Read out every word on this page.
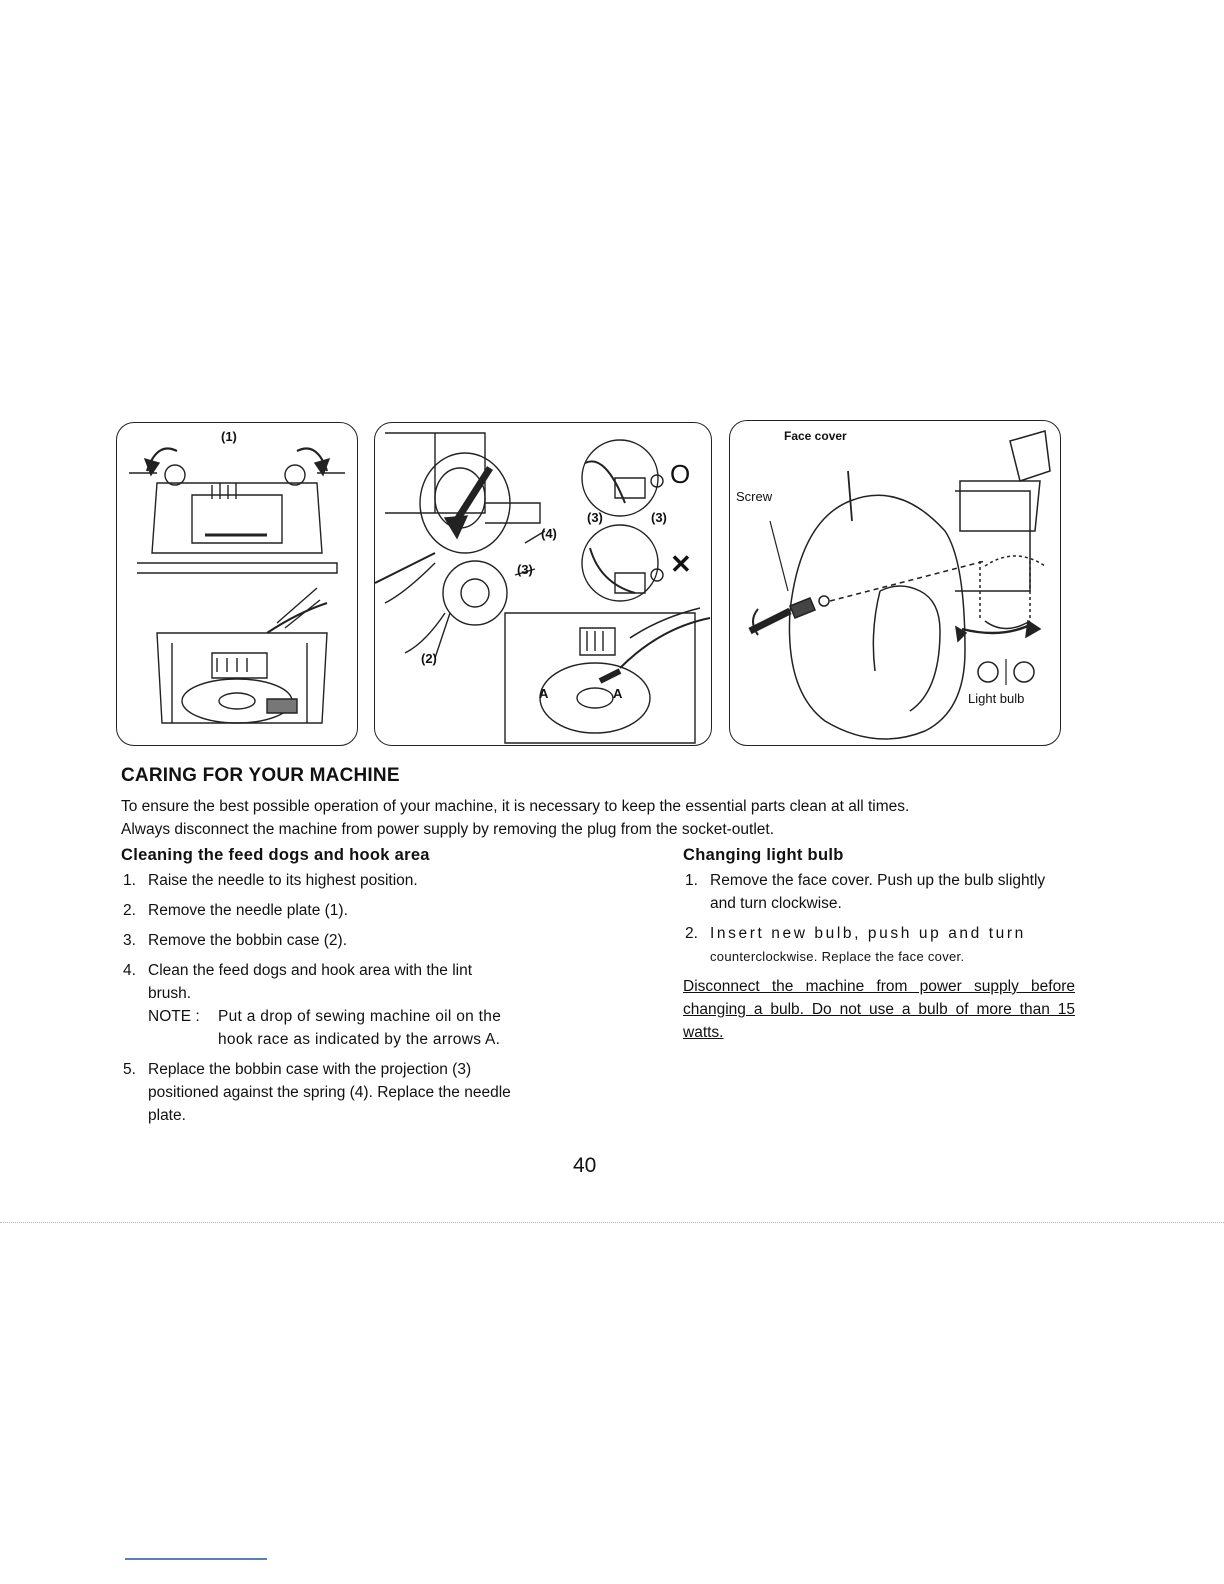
(1)
(4)
(3)
(3)	(3)
(2)
A	A
O
✕
Face cover
Screw
Light bulb
CARING FOR YOUR MACHINE
To ensure the best possible operation of your machine, it is necessary to keep the essential parts clean at all times.
Always disconnect the machine from power supply by removing the plug from the socket-outlet.
Cleaning the feed dogs and hook area
1. Raise the needle to its highest position.
2. Remove the needle plate (1).
3. Remove the bobbin case (2).
4. Clean the feed dogs and hook area with the lint brush.
NOTE :	Put a drop of sewing machine oil on the hook race as indicated by the arrows A.
5. Replace the bobbin case with the projection (3) positioned against the spring (4). Replace the needle plate.
Changing light bulb
1. Remove the face cover. Push up the bulb slightly and turn clockwise.
2. Insert new bulb, push up and turn
counterclockwise. Replace the face cover.
Disconnect the machine from power supply before changing a bulb. Do not use a bulb of more than 15 watts.
40
